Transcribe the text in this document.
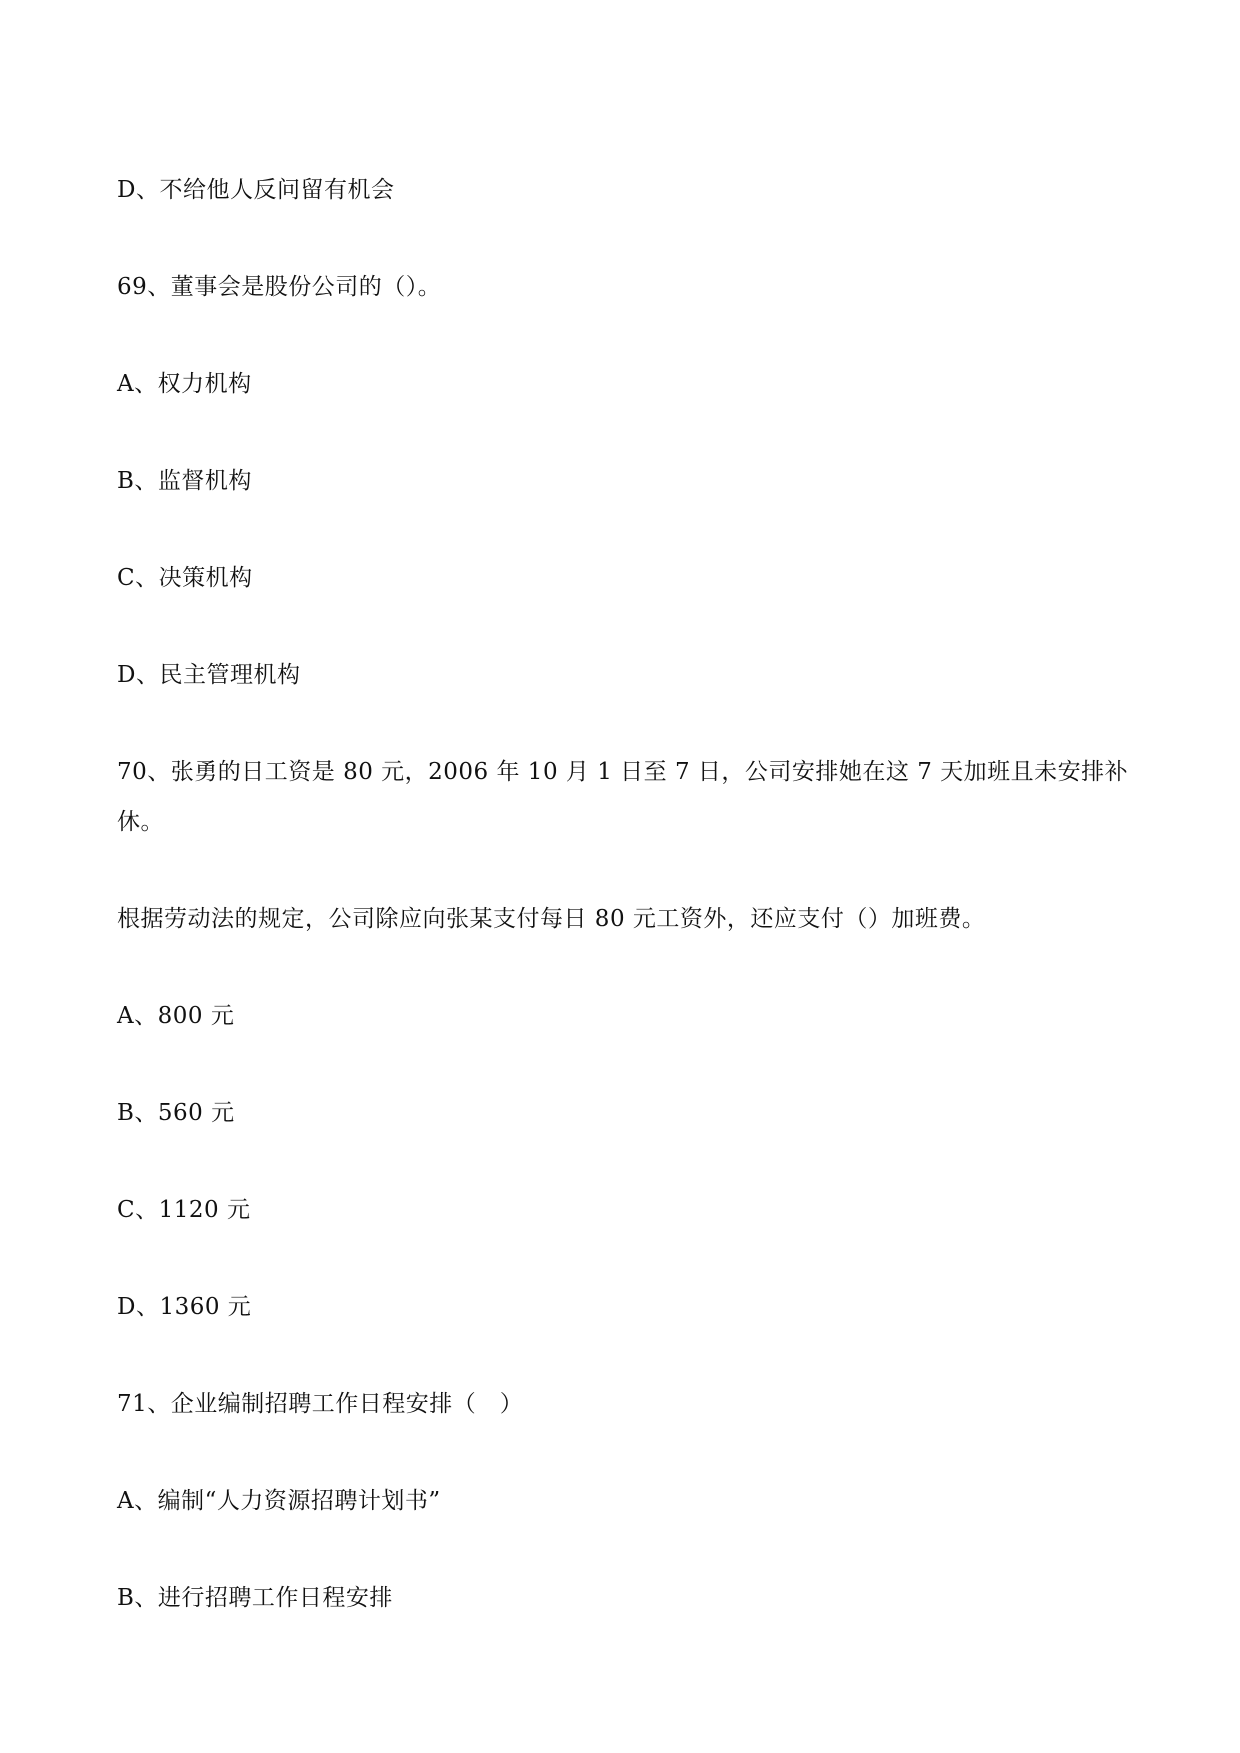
D、不给他人反问留有机会
69、董事会是股份公司的（）。
A、权力机构
B、监督机构
C、决策机构
D、民主管理机构
70、张勇的日工资是 80 元，2006 年 10 月 1 日至 7 日，公司安排她在这 7 天加班且未安排补
休。
根据劳动法的规定，公司除应向张某支付每日 80 元工资外，还应支付（）加班费。
A、800 元
B、560 元
C、1120 元
D、1360 元
71、企业编制招聘工作日程安排（　）
A、编制“人力资源招聘计划书”
B、进行招聘工作日程安排
